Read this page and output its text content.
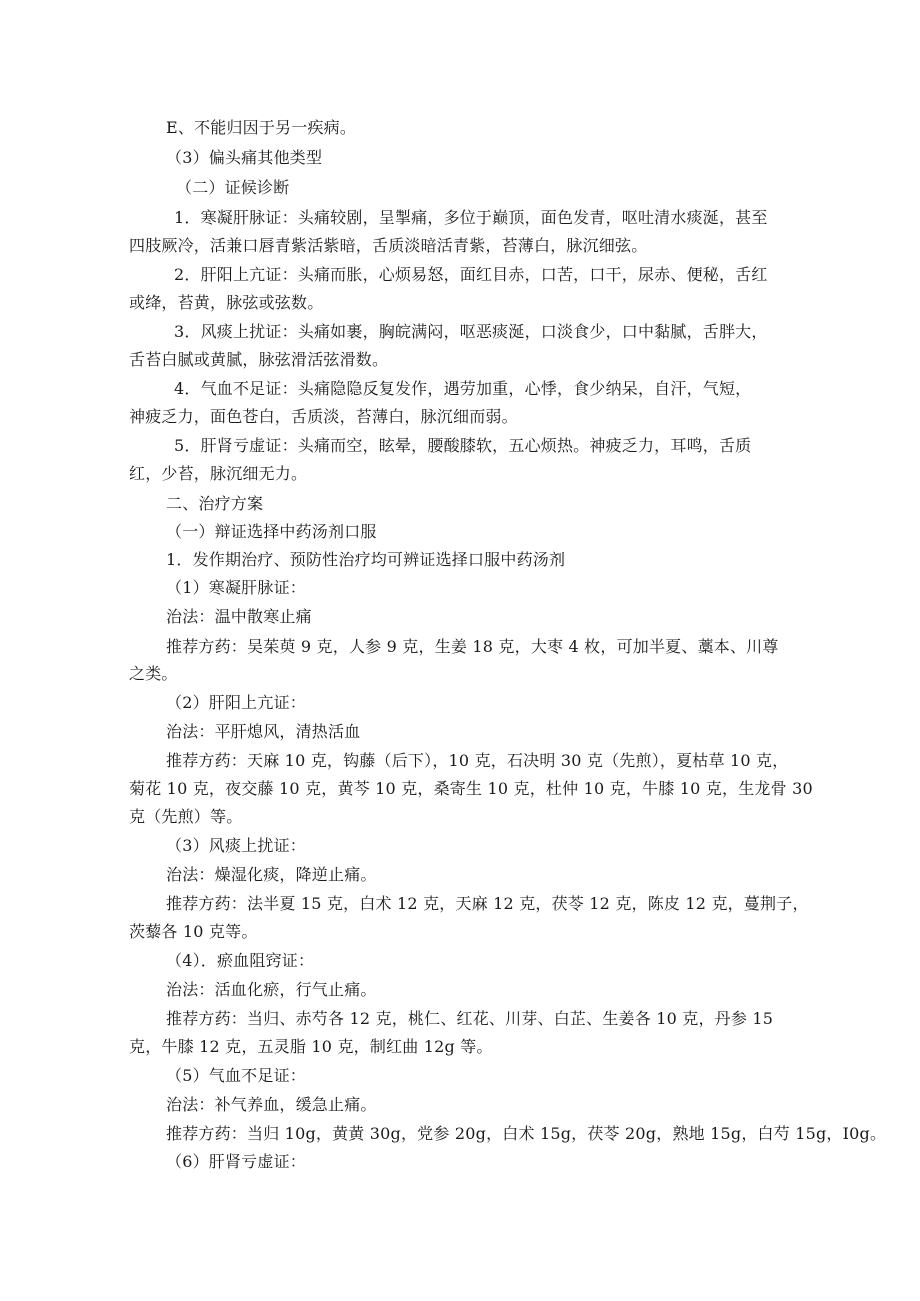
E、不能归因于另一疾病。
（3）偏头痛其他类型
（二）证候诊断
1．寒凝肝脉证：头痛较剧，呈掣痛，多位于巅顶，面色发青，呕吐清水痰涎，甚至
四肢厥冷，活兼口唇青紫活紫暗，舌质淡暗活青紫，苔薄白，脉沉细弦。
2．肝阳上亢证：头痛而胀，心烦易怒，面红目赤，口苦，口干，尿赤、便秘，舌红
或绛，苔黄，脉弦或弦数。
3．风痰上扰证：头痛如裹，胸皖满闷，呕恶痰涎，口淡食少，口中黏腻，舌胖大，
舌苔白腻或黄腻，脉弦滑活弦滑数。
4．气血不足证：头痛隐隐反复发作，遇劳加重，心悸，食少纳呆，自汗，气短，
神疲乏力，面色苍白，舌质淡，苔薄白，脉沉细而弱。
5．肝肾亏虚证：头痛而空，眩晕，腰酸膝软，五心烦热。神疲乏力，耳鸣，舌质
红，少苔，脉沉细无力。
二、治疗方案
（一）辩证选择中药汤剂口服
1．发作期治疗、预防性治疗均可辨证选择口服中药汤剂
（1）寒凝肝脉证：
治法：温中散寒止痛
推荐方药：吴茱萸 9 克，人参 9 克，生姜 18 克，大枣 4 枚，可加半夏、藁本、川尊
之类。
（2）肝阳上亢证：
治法：平肝熄风，清热活血
推荐方药：天麻 10 克，钩藤（后下），10 克，石决明 30 克（先煎），夏枯草 10 克，
菊花 10 克，夜交藤 10 克，黄芩 10 克，桑寄生 10 克，杜仲 10 克，牛膝 10 克，生龙骨 30
克（先煎）等。
（3）风痰上扰证：
治法：燥湿化痰，降逆止痛。
推荐方药：法半夏 15 克，白术 12 克，天麻 12 克，茯苓 12 克，陈皮 12 克，蔓荆子，
茨藜各 10 克等。
（4）．瘀血阻窍证：
治法：活血化瘀，行气止痛。
推荐方药：当归、赤芍各 12 克，桃仁、红花、川芽、白芷、生姜各 10 克，丹参 15
克，牛膝 12 克，五灵脂 10 克，制红曲 12g 等。
（5）气血不足证：
治法：补气养血，缓急止痛。
推荐方药：当归 10g，黄黄 30g，党参 20g，白术 15g，茯苓 20g，熟地 15g，白芍 15g，I0g。
（6）肝肾亏虚证：
